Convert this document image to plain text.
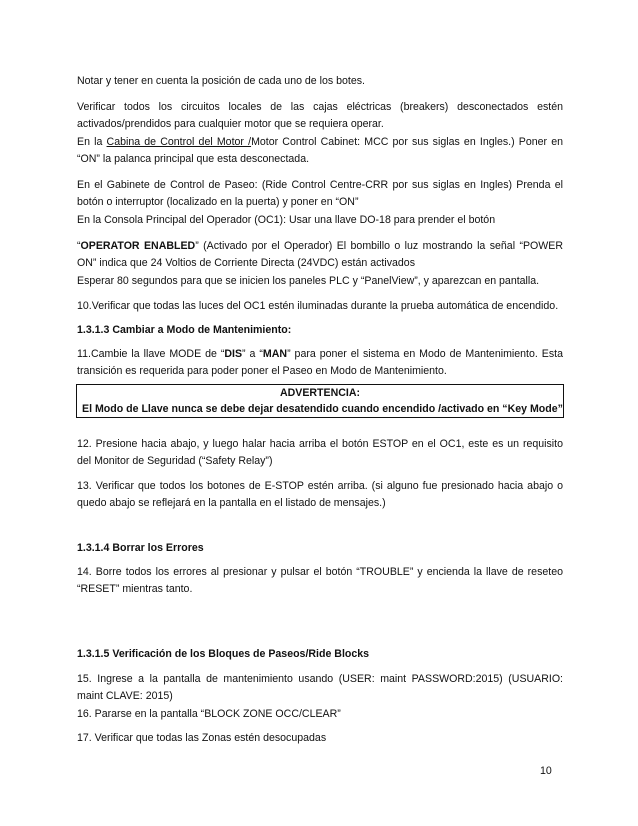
Notar y tener en cuenta la posición de cada uno de los botes.

Verificar todos los circuitos locales de las cajas eléctricas (breakers) desconectados estén activados/prendidos para cualquier motor que se requiera operar.

En la Cabina de Control del Motor /Motor Control Cabinet: MCC por sus siglas en Ingles.) Poner en “ON” la palanca principal que esta desconectada.

En el Gabinete de Control de Paseo: (Ride Control Centre-CRR por sus siglas en Ingles) Prenda el botón o interruptor (localizado en la puerta) y poner en “ON”

En la Consola Principal del Operador (OC1): Usar una llave DO-18 para prender el botón

“OPERATOR ENABLED” (Activado por el Operador) El bombillo o luz mostrando la señal “POWER ON” indica que 24 Voltios de Corriente Directa (24VDC) están activados

Esperar 80 segundos para que se inicien los paneles PLC y “PanelView”, y aparezcan en pantalla.

10.Verificar que todas las luces del OC1 estén iluminadas durante la prueba automática de encendido.

1.3.1.3 Cambiar a Modo de Mantenimiento:

11.Cambie la llave MODE de “DIS” a “MAN” para poner el sistema en Modo de Mantenimiento. Esta transición es requerida para poder poner el Paseo en Modo de Mantenimiento.

ADVERTENCIA:
El Modo de Llave nunca se debe dejar desatendido cuando encendido /activado en “Key Mode”

12. Presione hacia abajo, y luego halar hacia arriba el botón ESTOP en el OC1, este es un requisito del Monitor de Seguridad (“Safety Relay”)

13. Verificar que todos los botones de E-STOP estén arriba. (si alguno fue presionado hacia abajo o quedo abajo se reflejará en la pantalla en el listado de mensajes.)

1.3.1.4 Borrar los Errores

14. Borre todos los errores al presionar y pulsar el botón “TROUBLE” y encienda la llave de reseteo “RESET” mientras tanto.

1.3.1.5 Verificación de los Bloques de Paseos/Ride Blocks

15. Ingrese a la pantalla de mantenimiento usando (USER: maint PASSWORD:2015) (USUARIO: maint CLAVE: 2015)

16. Pararse en la pantalla “BLOCK ZONE OCC/CLEAR”

17. Verificar que todas las Zonas estén desocupadas

10
